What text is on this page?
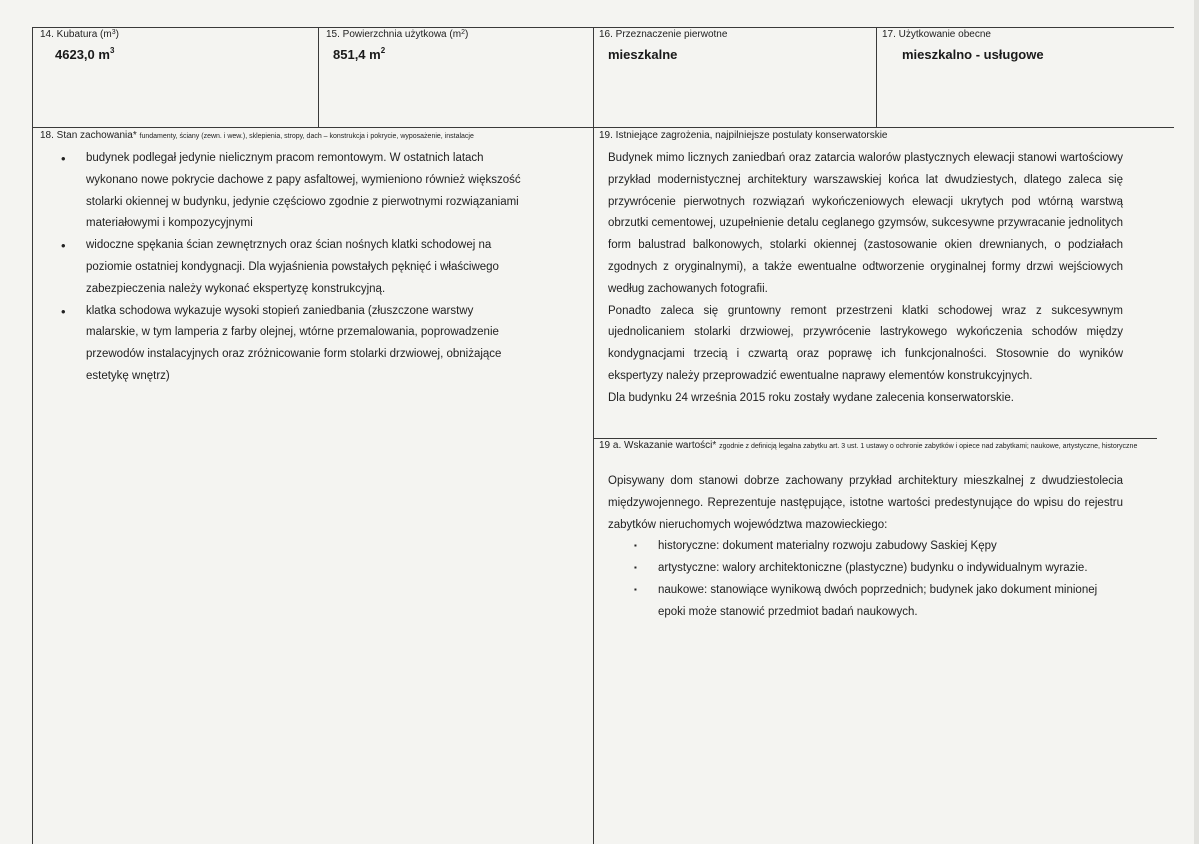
14. Kubatura $(m^3)$
4623,0 $m^3$
15. Powierzchnia użytkowa $(m^2)$
851,4 $m^2$
16. Przeznaczenie pierwotne
mieszkalne
17. Użytkowanie obecne
mieszkalno - usługowe
18. Stan zachowania* fundamenty, ściany (zewn. i wew.), sklepienia, stropy, dach – konstrukcja i pokrycie, wyposażenie, instalacje
• budynek podlegał jedynie nielicznym pracom remontowym. W ostatnich latach
wykonano nowe pokrycie dachowe z papy asfaltowej, wymieniono również większość
stolarki okiennej w budynku, jedynie częściowo zgodnie z pierwotnymi rozwiązaniami
materiałowymi i kompozycyjnymi
• widoczne spękania ścian zewnętrznych oraz ścian nośnych klatki schodowej na
poziomie ostatniej kondygnacji. Dla wyjaśnienia powstałych pęknięć i właściwego
zabezpieczenia należy wykonać ekspertyzę konstrukcyjną.
• klatka schodowa wykazuje wysoki stopień zaniedbania (złuszczone warstwy
malarskie, w tym lamperia z farby olejnej, wtórne przemalowania, poprowadzenie
przewodów instalacyjnych oraz zróżnicowanie form stolarki drzwiowej, obniżające
estetykę wnętrz)
19. Istniejące zagrożenia, najpilniejsze postulaty konserwatorskie

Budynek mimo licznych zaniedbań oraz zatarcia walorów plastycznych elewacji stanowi wartościowy przykład modernistycznej architektury warszawskiej końca lat dwudziestych, dlatego zaleca się przywrócenie pierwotnych rozwiązań wykończeniowych elewacji ukrytych pod wtórną warstwą obrzutki cementowej, uzupełnienie detalu ceglanego gzymsów, sukcesywne przywracanie jednolitych form balustrad balkonowych, stolarki okiennej (zastosowanie okien drewnianych, o podziałach zgodnych z oryginalnymi), a także ewentualne odtworzenie oryginalnej formy drzwi wejściowych według zachowanych fotografii.

Ponadto zaleca się gruntowny remont przestrzeni klatki schodowej wraz z sukcesywnym ujednolicaniem stolarki drzwiowej, przywrócenie lastrykowego wykończenia schodów między kondygnacjami trzecią i czwartą oraz poprawę ich funkcjonalności. Stosownie do wyników ekspertyzy należy przeprowadzić ewentualne naprawy elementów konstrukcyjnych.

Dla budynku 24 września 2015 roku zostały wydane zalecenia konserwatorskie.

19 a. Wskazanie wartości* zgodnie z definicją legalna zabytku art. 3 ust. 1 ustawy o ochronie zabytków i opiece nad zabytkami; naukowe, artystyczne, historyczne

Opisywany dom stanowi dobrze zachowany przykład architektury mieszkalnej z dwudziestolecia międzywojennego. Reprezentuje następujące, istotne wartości predestynujące do wpisu do rejestru zabytków nieruchomych województwa mazowieckiego:

▪ historyczne: dokument materialny rozwoju zabudowy Saskiej Kępy
▪ artystyczne: walory architektoniczne (plastyczne) budynku o indywidualnym wyrazie.
▪ naukowe: stanowiące wynikową dwóch poprzednich; budynek jako dokument minionej
epoki może stanowić przedmiot badań naukowych.
